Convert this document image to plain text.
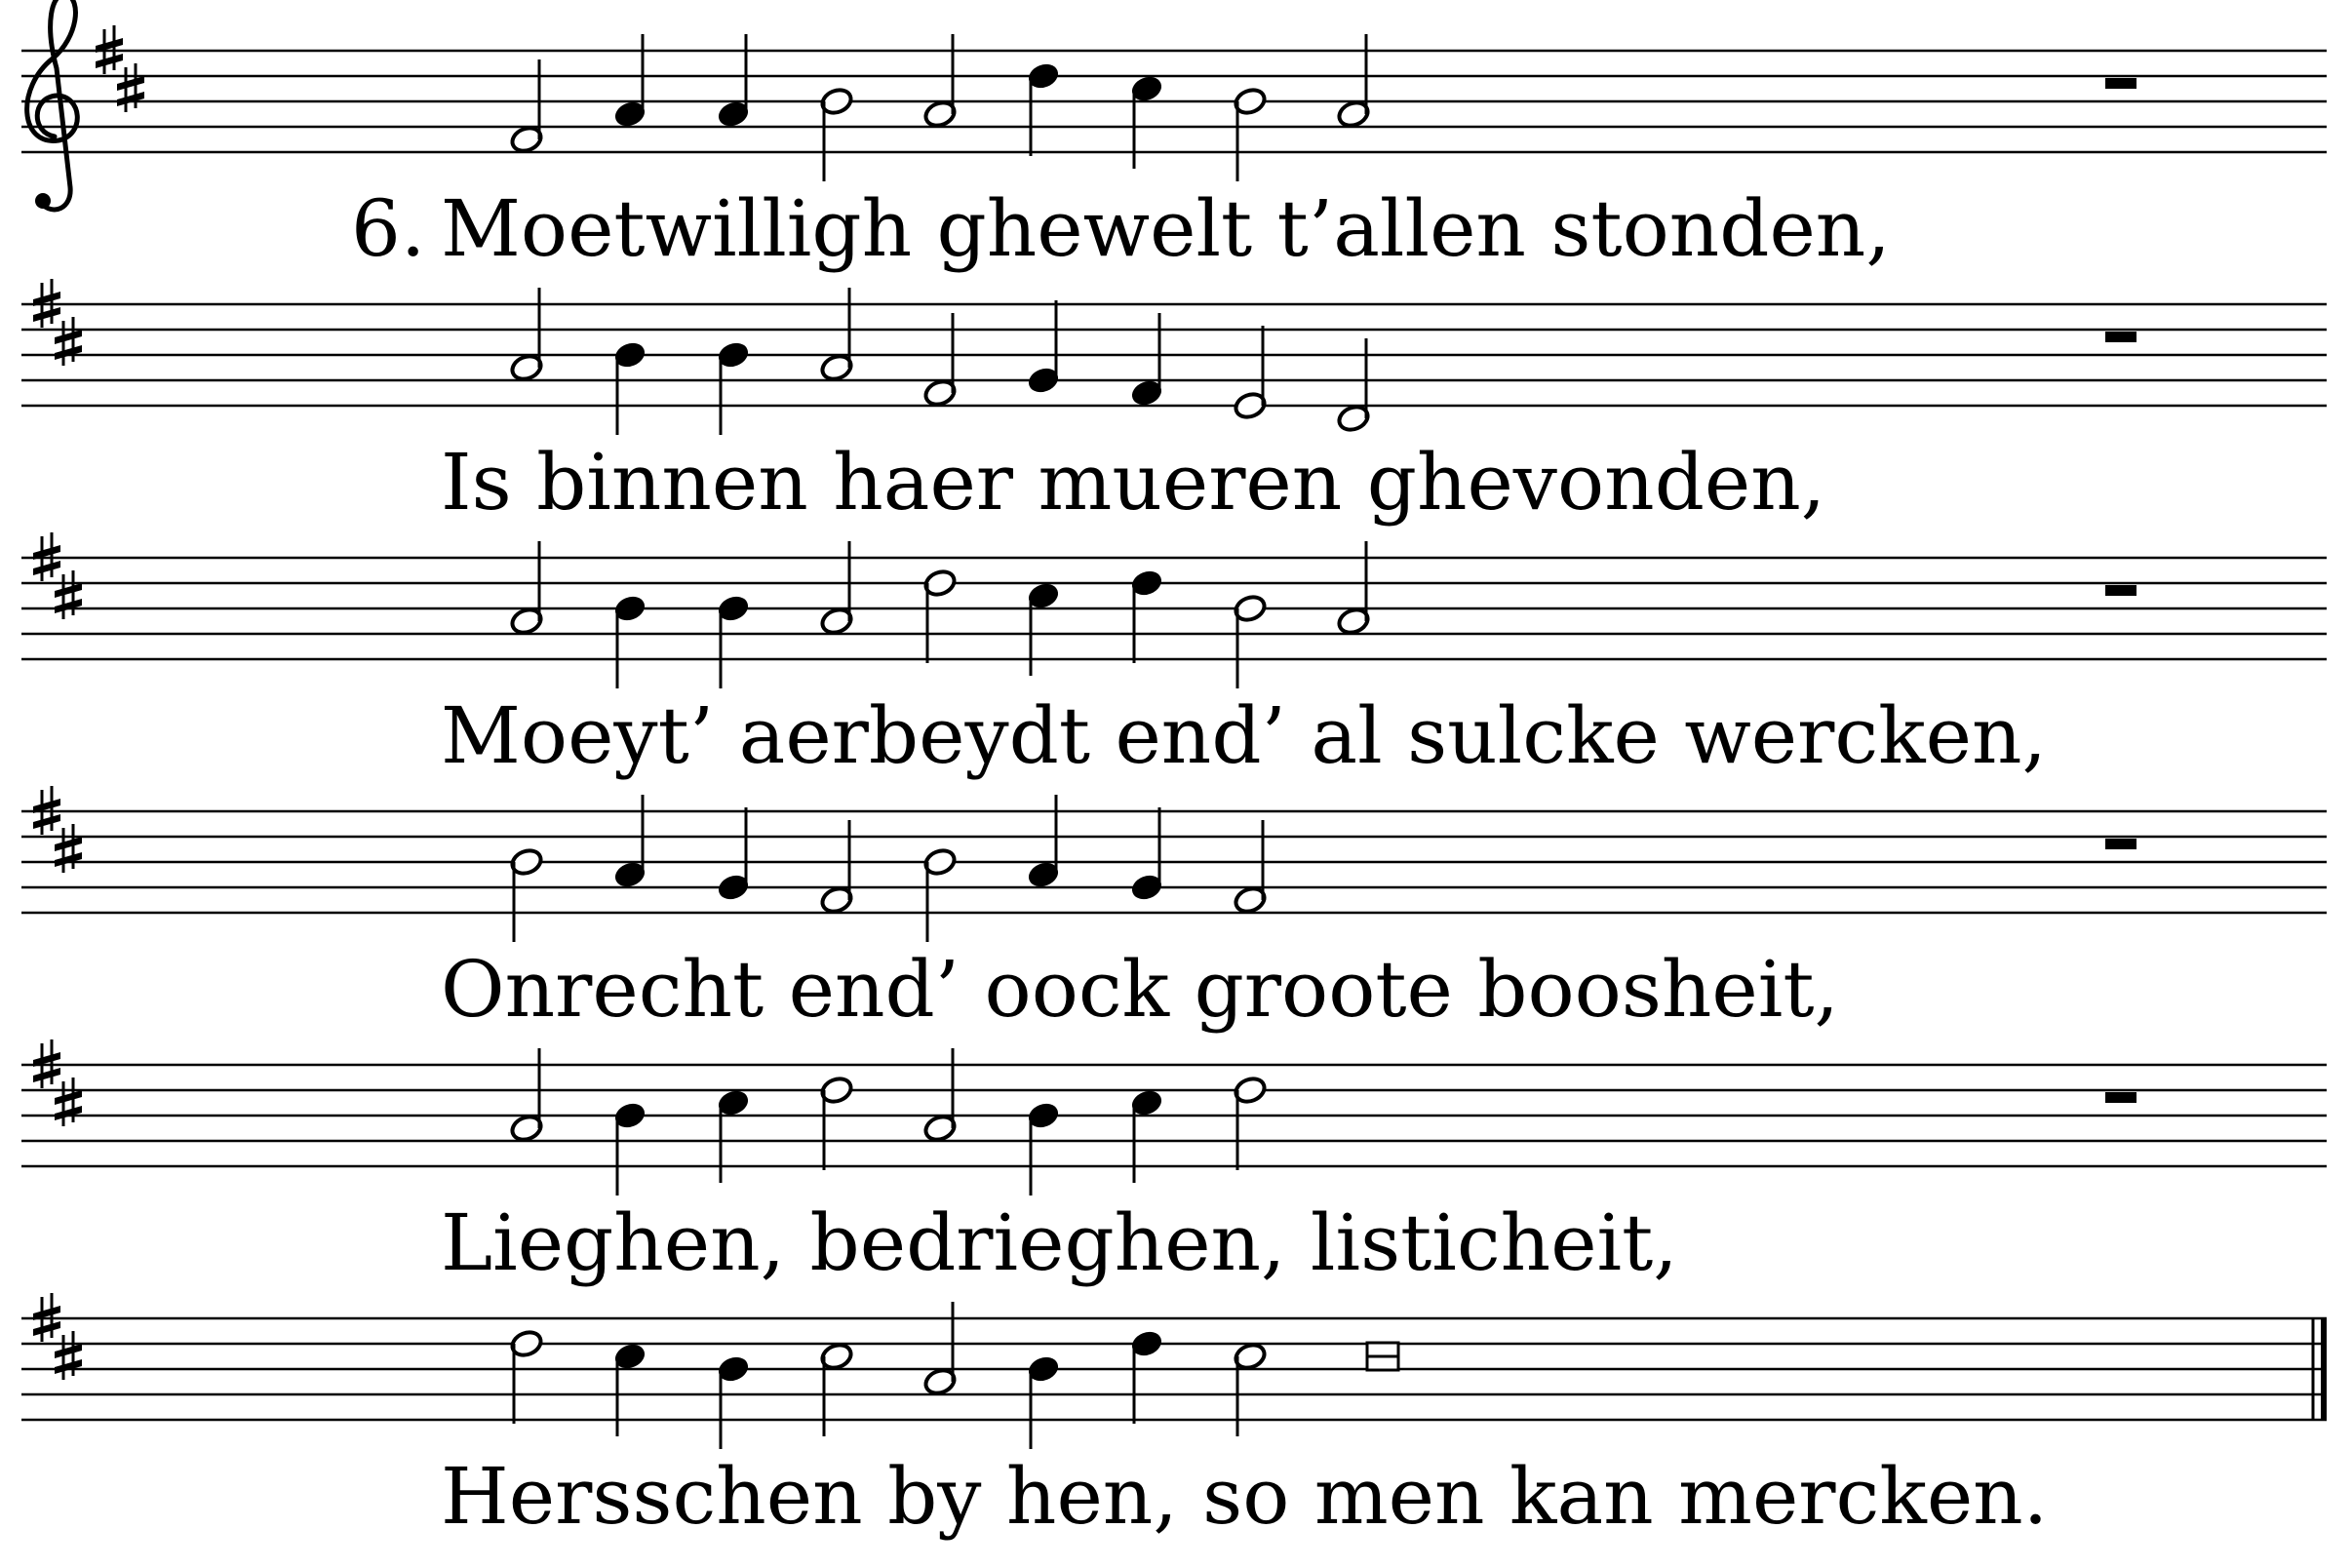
6. Moetwilligh ghewelt t’allen stonden,
Is binnen haer mueren ghevonden,
Moeyt’ aerbeydt end’ al sulcke wercken,
Onrecht end’ oock groote boosheit,
Lieghen, bedrieghen, listicheit,
Hersschen by hen, so men kan mercken.
